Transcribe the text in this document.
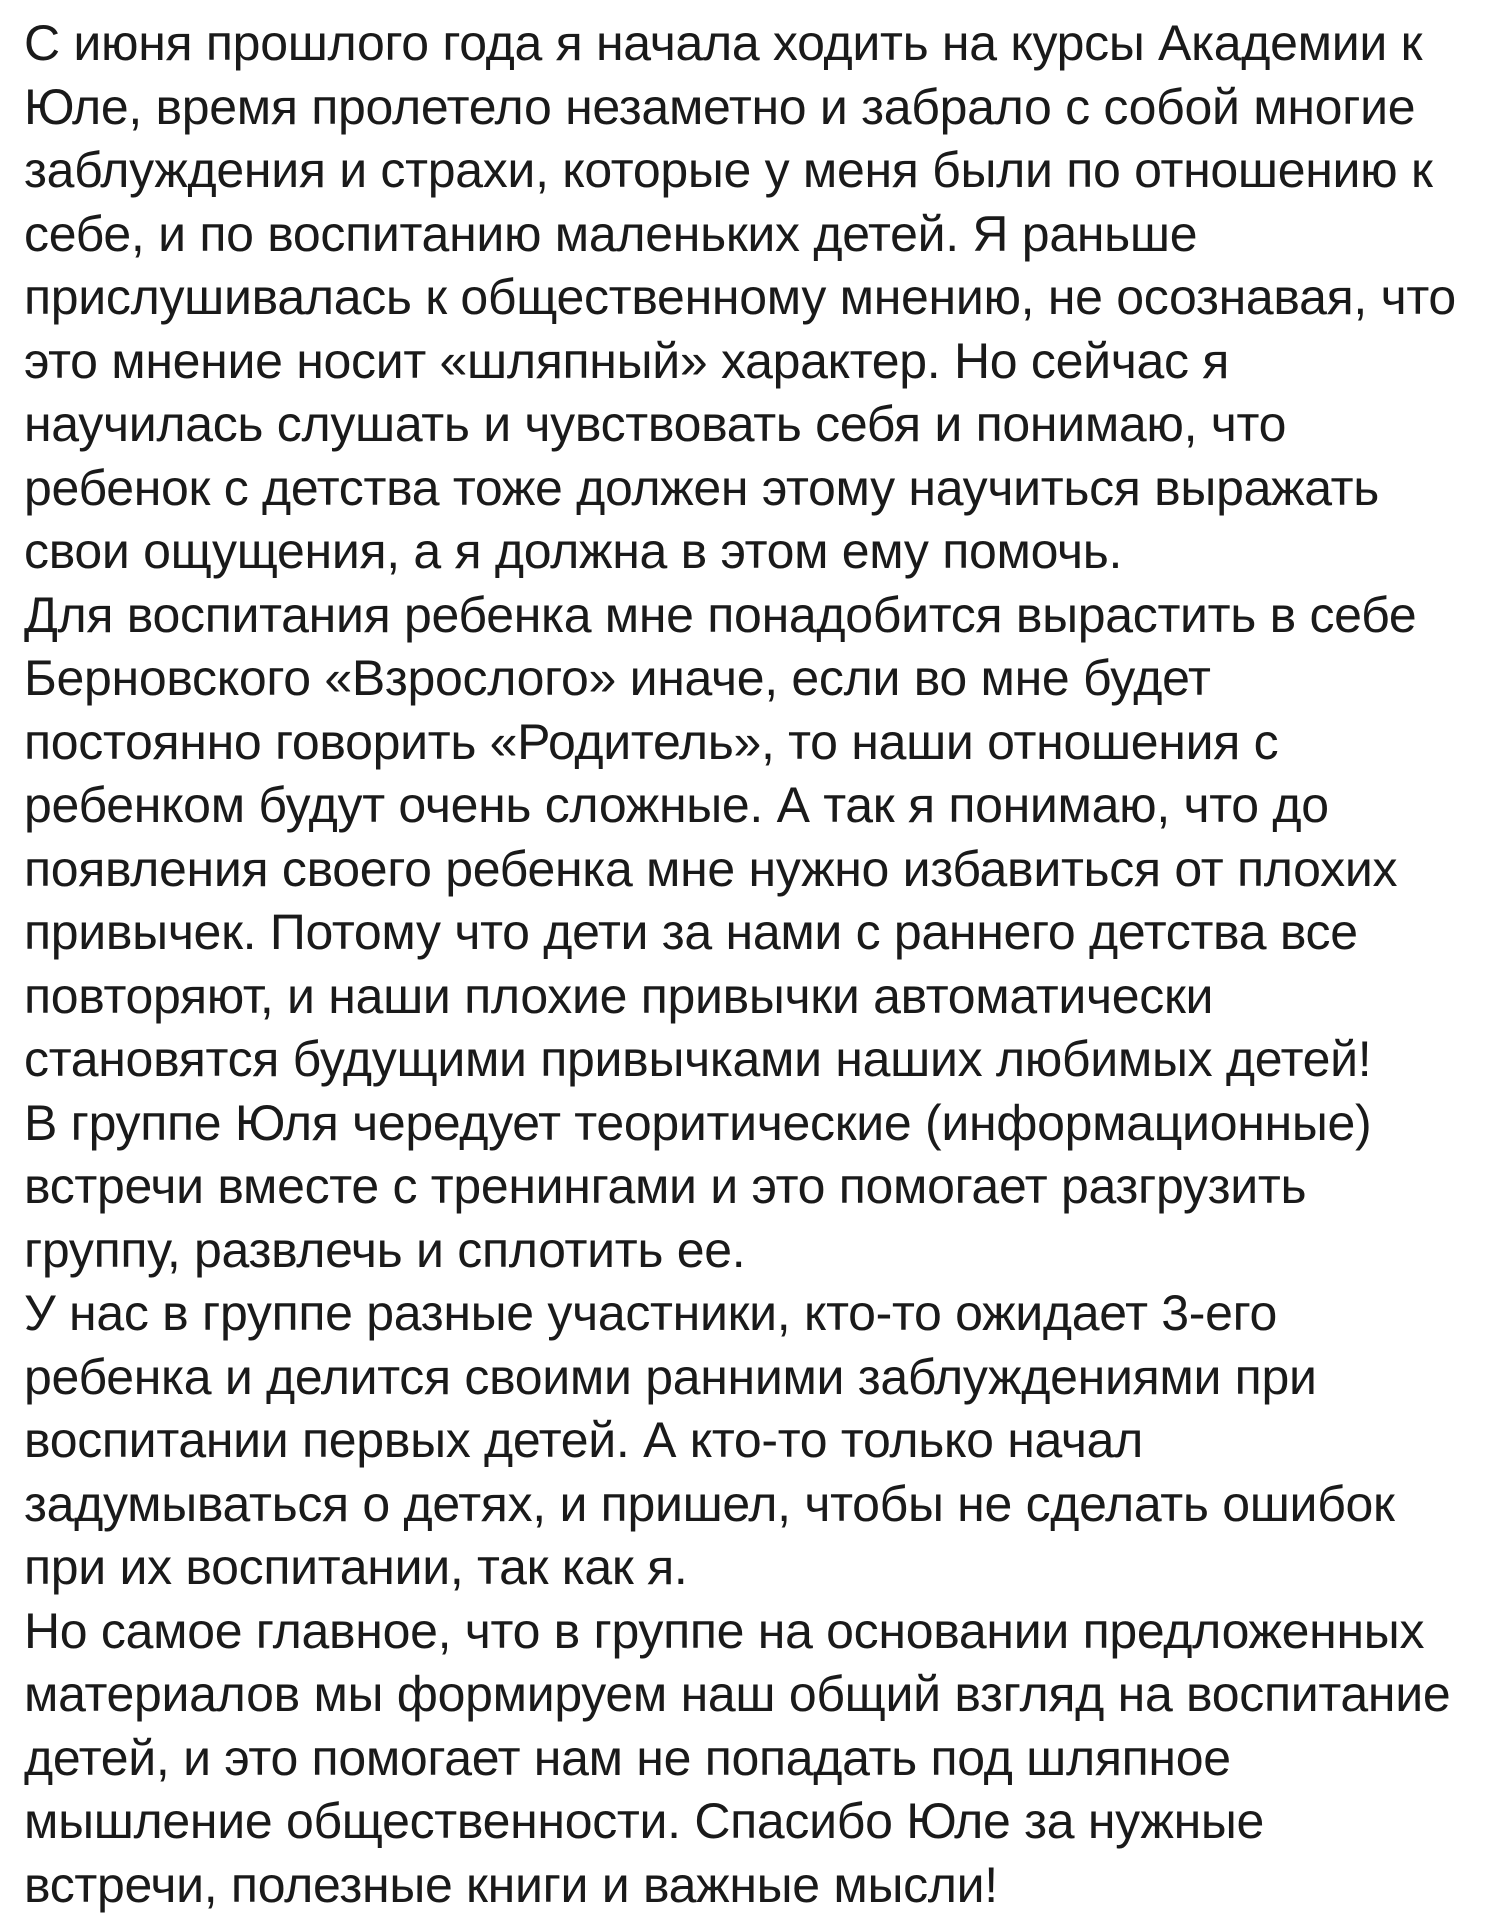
С июня прошлого года я начала ходить на курсы Академии к
Юле, время пролетело незаметно и забрало с собой многие
заблуждения и страхи, которые у меня были по отношению к
себе, и по воспитанию маленьких детей. Я раньше
прислушивалась к общественному мнению, не осознавая, что
это мнение носит «шляпный» характер. Но сейчас я
научилась слушать и чувствовать себя и понимаю, что
ребенок с детства тоже должен этому научиться выражать
свои ощущения, а я должна в этом ему помочь.
Для воспитания ребенка мне понадобится вырастить в себе
Берновского «Взрослого» иначе, если во мне будет
постоянно говорить «Родитель», то наши отношения с
ребенком будут очень сложные. А так я понимаю, что до
появления своего ребенка мне нужно избавиться от плохих
привычек. Потому что дети за нами с раннего детства все
повторяют, и наши плохие привычки автоматически
становятся будущими привычками наших любимых детей!
В группе Юля чередует теоритические (информационные)
встречи вместе с тренингами и это помогает разгрузить
группу, развлечь и сплотить ее.
У нас в группе разные участники, кто-то ожидает 3-его
ребенка и делится своими ранними заблуждениями при
воспитании первых детей. А кто-то только начал
задумываться о детях, и пришел, чтобы не сделать ошибок
при их воспитании, так как я.
Но самое главное, что в группе на основании предложенных
материалов мы формируем наш общий взгляд на воспитание
детей, и это помогает нам не попадать под шляпное
мышление общественности. Спасибо Юле за нужные
встречи, полезные книги и важные мысли!
